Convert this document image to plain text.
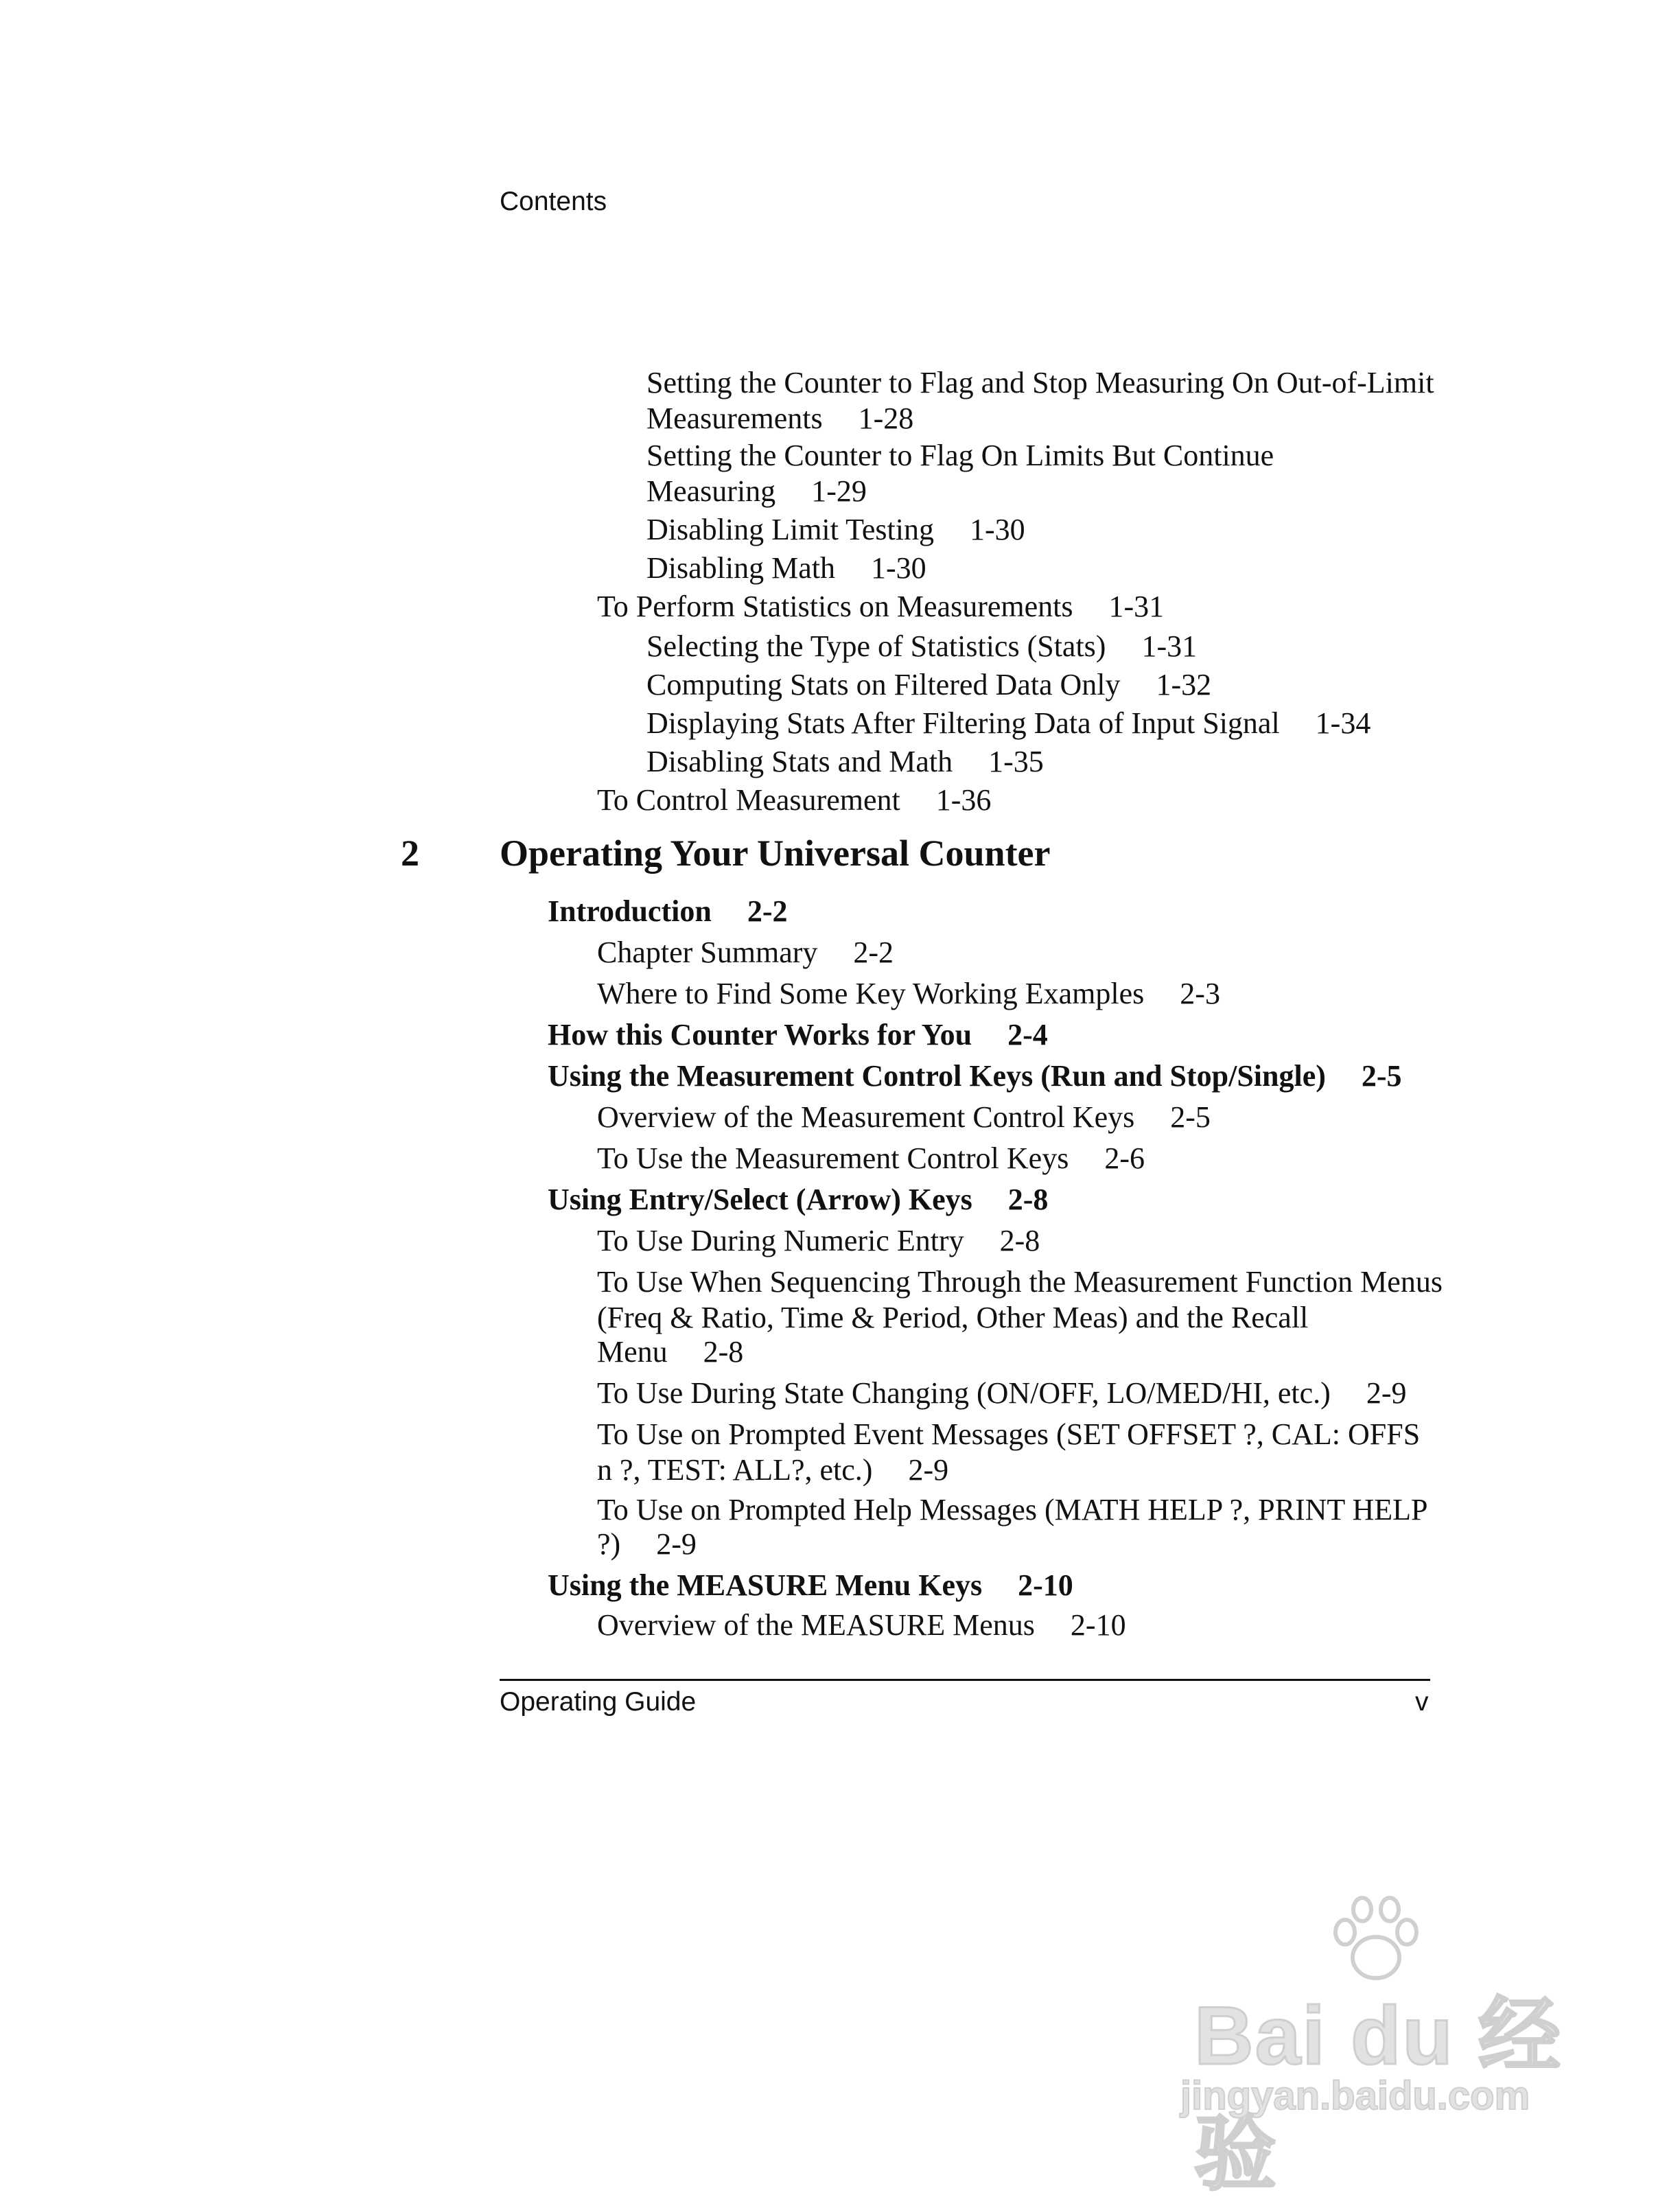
Contents
Setting the Counter to Flag and Stop Measuring On Out-of-Limit
Measurements 1-28
Setting the Counter to Flag On Limits But Continue
Measuring 1-29
Disabling Limit Testing 1-30
Disabling Math 1-30
To Perform Statistics on Measurements 1-31
Selecting the Type of Statistics (Stats) 1-31
Computing Stats on Filtered Data Only 1-32
Displaying Stats After Filtering Data of Input Signal 1-34
Disabling Stats and Math 1-35
To Control Measurement 1-36
2 Operating Your Universal Counter
Introduction 2-2
Chapter Summary 2-2
Where to Find Some Key Working Examples 2-3
How this Counter Works for You 2-4
Using the Measurement Control Keys (Run and Stop/Single) 2-5
Overview of the Measurement Control Keys 2-5
To Use the Measurement Control Keys 2-6
Using Entry/Select (Arrow) Keys 2-8
To Use During Numeric Entry 2-8
To Use When Sequencing Through the Measurement Function Menus
(Freq & Ratio, Time & Period, Other Meas) and the Recall
Menu 2-8
To Use During State Changing (ON/OFF, LO/MED/HI, etc.) 2-9
To Use on Prompted Event Messages (SET OFFSET ?, CAL: OFFS
n ?, TEST: ALL?, etc.) 2-9
To Use on Prompted Help Messages (MATH HELP ?, PRINT HELP
?) 2-9
Using the MEASURE Menu Keys 2-10
Overview of the MEASURE Menus 2-10
Operating Guide	v
Bai du 经验
jingyan.baidu.com
